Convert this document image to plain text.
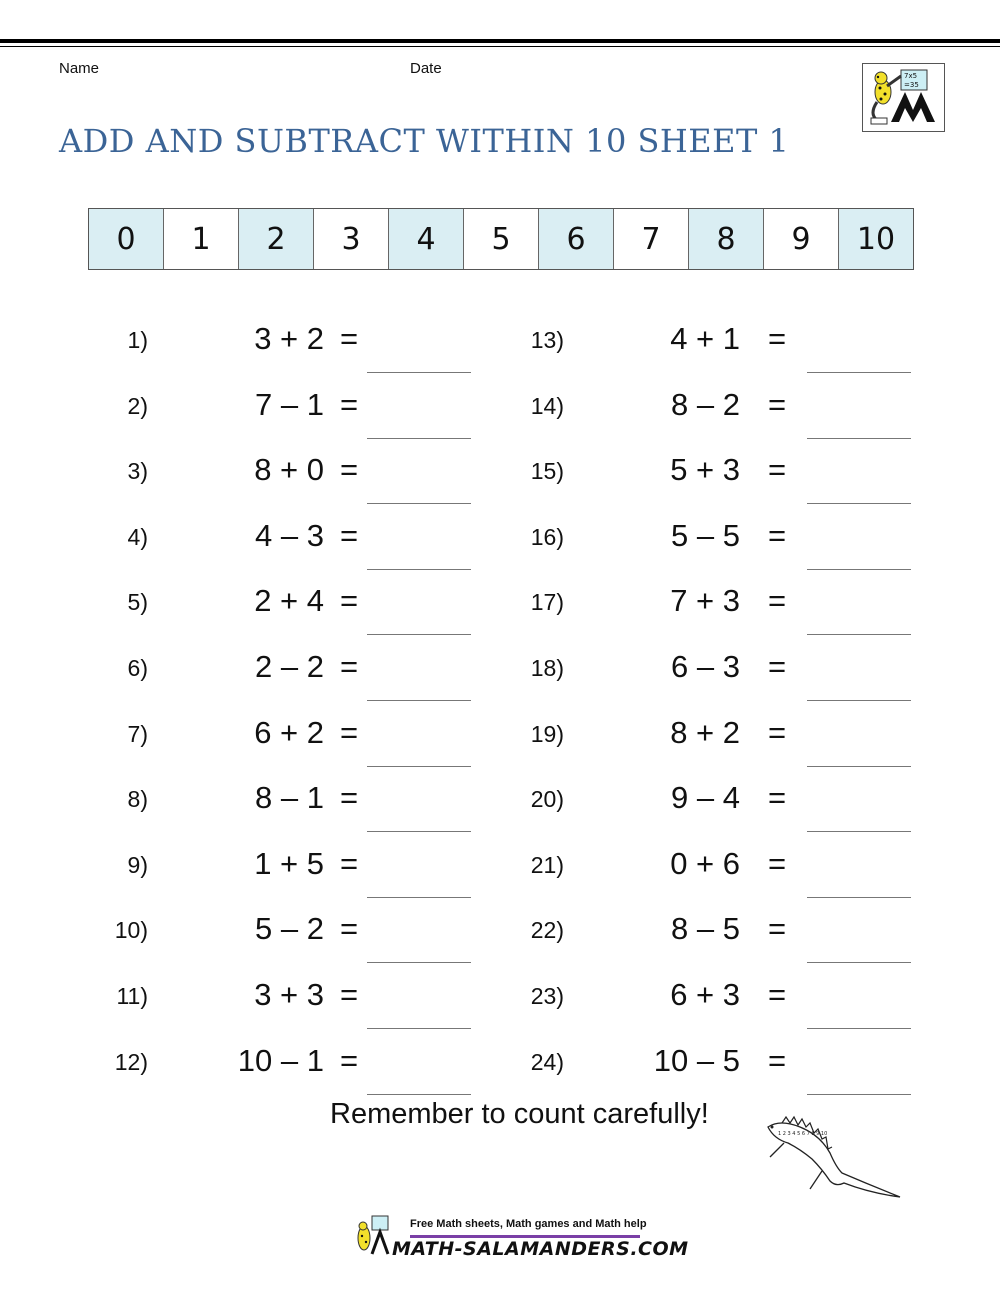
Name	Date
ADD AND SUBTRACT WITHIN 10 SHEET 1
7x5
=35
0	1	2	3	4	5	6	7	8	9	10
1)	3 + 2 =
2)	7 – 1 =
3)	8 + 0 =
4)	4 – 3 =
5)	2 + 4 =
6)	2 – 2 =
7)	6 + 2 =
8)	8 – 1 =
9)	1 + 5 =
10)	5 – 2 =
11)	3 + 3 =
12)	10 – 1 =
13)	4 + 1 =
14)	8 – 2 =
15)	5 + 3 =
16)	5 – 5 =
17)	7 + 3 =
18)	6 – 3 =
19)	8 + 2 =
20)	9 – 4 =
21)	0 + 6 =
22)	8 – 5 =
23)	6 + 3 =
24)	10 – 5 =
Remember to count carefully!
1 2 3 4 5 6 7 8 9 10
Free Math sheets, Math games and Math help
MATH-SALAMANDERS.COM
